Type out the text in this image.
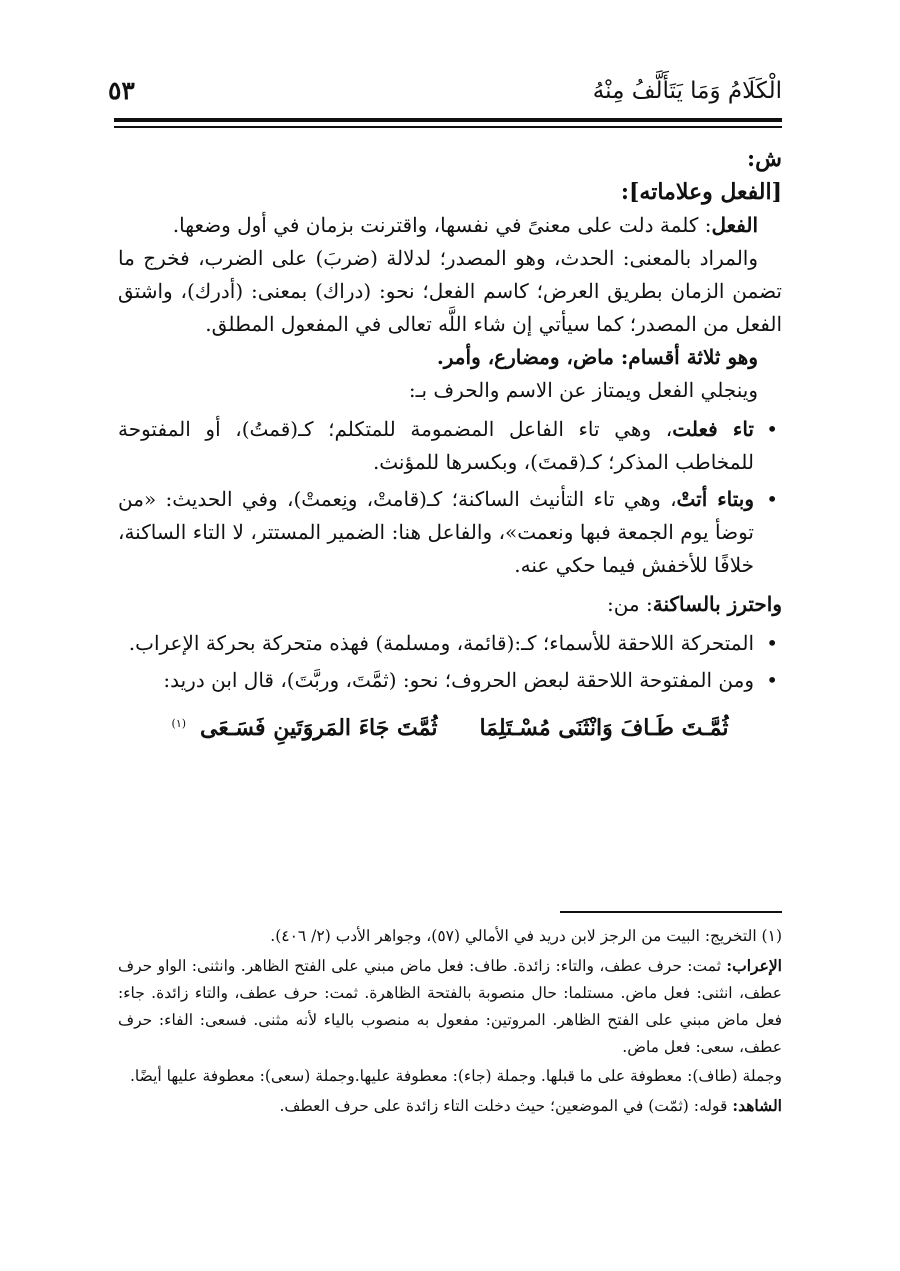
الْكَلَامُ وَمَا يَتَأَلَّفُ مِنْهُ
٥٣

ش:

[الفعل وعلاماته]:

الفعل: كلمة دلت على معنىً في نفسها، واقترنت بزمان في أول وضعها.

والمراد بالمعنى: الحدث، وهو المصدر؛ لدلالة (ضربَ) على الضرب، فخرج ما تضمن الزمان بطريق العرض؛ كاسم الفعل؛ نحو: (دراك) بمعنى: (أدرك)، واشتق الفعل من المصدر؛ كما سيأتي إن شاء اللَّه تعالى في المفعول المطلق.

وهو ثلاثة أقسام: ماض، ومضارع، وأمر.

وينجلي الفعل ويمتاز عن الاسم والحرف بـ:

• تاء فعلت، وهي تاء الفاعل المضمومة للمتكلم؛ كـ(قمتُ)، أو المفتوحة للمخاطب المذكر؛ كـ(قمتَ)، وبكسرها للمؤنث.
• وبتاء أتتْ، وهي تاء التأنيث الساكنة؛ كـ(قامتْ، ونِعمتْ)، وفي الحديث: «من توضأ يوم الجمعة فبها ونعمت»، والفاعل هنا: الضمير المستتر، لا التاء الساكنة، خلافًا للأخفش فيما حكي عنه.

واحترز بالساكنة: من:

• المتحركة اللاحقة للأسماء؛ كـ:(قائمة، ومسلمة) فهذه متحركة بحركة الإعراب.
• ومن المفتوحة اللاحقة لبعض الحروف؛ نحو: (ثمَّتَ، وربَّتَ)، قال ابن دريد:
ثُمَّـتَ طَـافَ وَانْثَنَى مُسْـتَلِمَاثُمَّتَ جَاءَ المَروَتَينِ فَسَـعَى$^{(١)}$

(١) التخريج: البيت من الرجز لابن دريد في الأمالي (٥٧)، وجواهر الأدب (٢/ ٤٠٦).

الإعراب: ثمت: حرف عطف، والتاء: زائدة. طاف: فعل ماض مبني على الفتح الظاهر. وانثنى: الواو حرف عطف، انثنى: فعل ماض. مستلما: حال منصوبة بالفتحة الظاهرة. ثمت: حرف عطف، والتاء زائدة. جاء: فعل ماض مبني على الفتح الظاهر. المروتين: مفعول به منصوب بالياء لأنه مثنى. فسعى: الفاء: حرف عطف، سعى: فعل ماض.

وجملة (طاف): معطوفة على ما قبلها. وجملة (جاء): معطوفة عليها.وجملة (سعى): معطوفة عليها أيضًا.

الشاهد: قوله: (ثمّت) في الموضعين؛ حيث دخلت التاء زائدة على حرف العطف.
